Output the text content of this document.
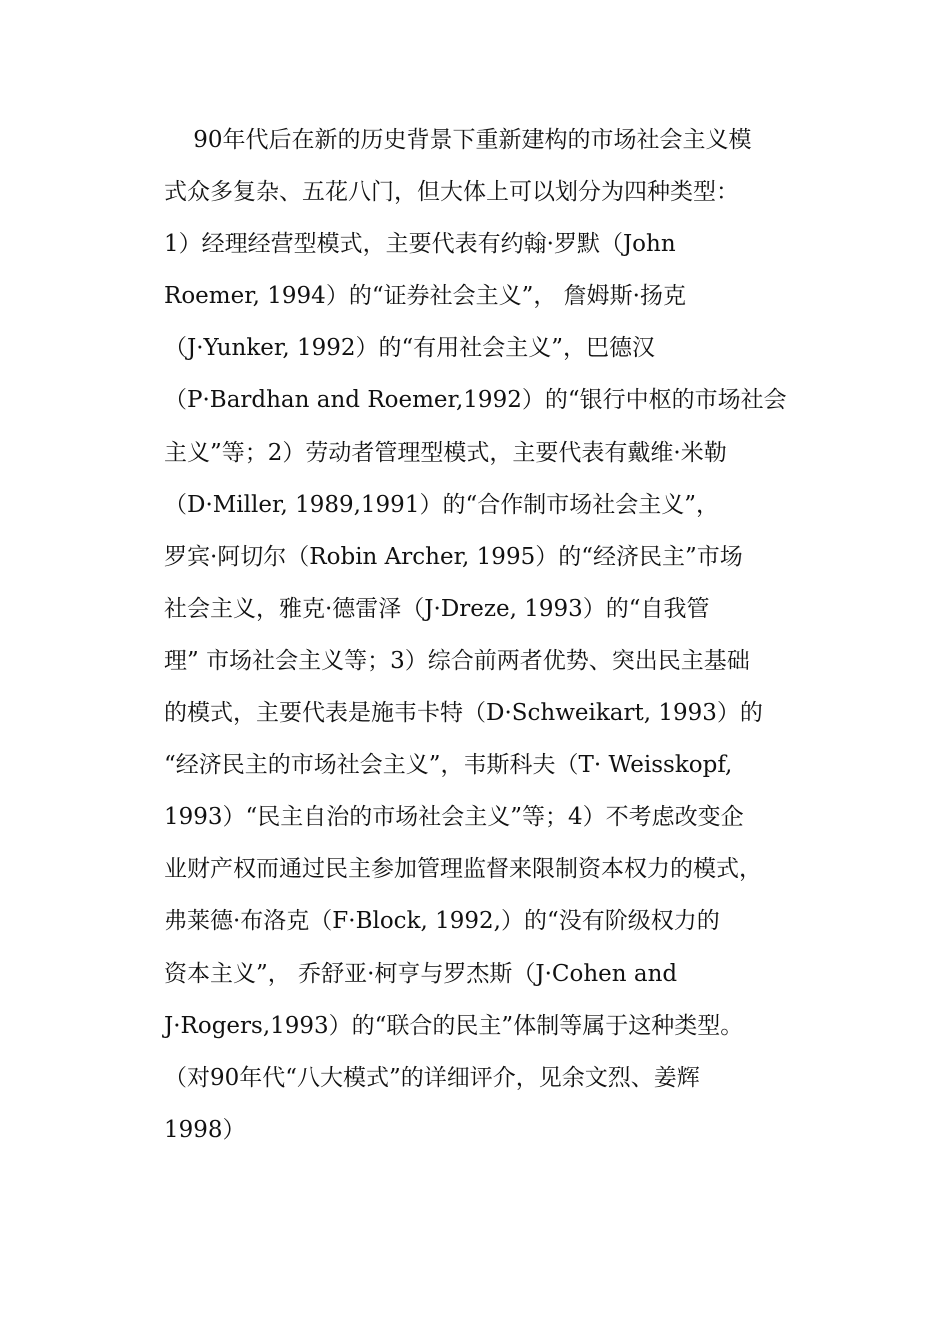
90年代后在新的历史背景下重新建构的市场社会主义模
式众多复杂、五花八门，但大体上可以划分为四种类型：
1）经理经营型模式，主要代表有约翰·罗默（John
Roemer, 1994）的“证券社会主义”， 詹姆斯·扬克
（J·Yunker, 1992）的“有用社会主义”，巴德汉
（P·Bardhan and Roemer,1992）的“银行中枢的市场社会
主义”等；2）劳动者管理型模式，主要代表有戴维·米勒
（D·Miller, 1989,1991）的“合作制市场社会主义”，
罗宾·阿切尔（Robin Archer, 1995）的“经济民主”市场
社会主义，雅克·德雷泽（J·Dreze, 1993）的“自我管
理” 市场社会主义等；3）综合前两者优势、突出民主基础
的模式，主要代表是施韦卡特（D·Schweikart, 1993）的
“经济民主的市场社会主义”，韦斯科夫（T· Weisskopf,
1993）“民主自治的市场社会主义”等；4）不考虑改变企
业财产权而通过民主参加管理监督来限制资本权力的模式，
弗莱德·布洛克（F·Block, 1992,）的“没有阶级权力的
资本主义”， 乔舒亚·柯亨与罗杰斯（J·Cohen and
J·Rogers,1993）的“联合的民主”体制等属于这种类型。
（对90年代“八大模式”的详细评介，见余文烈、姜辉
1998）
